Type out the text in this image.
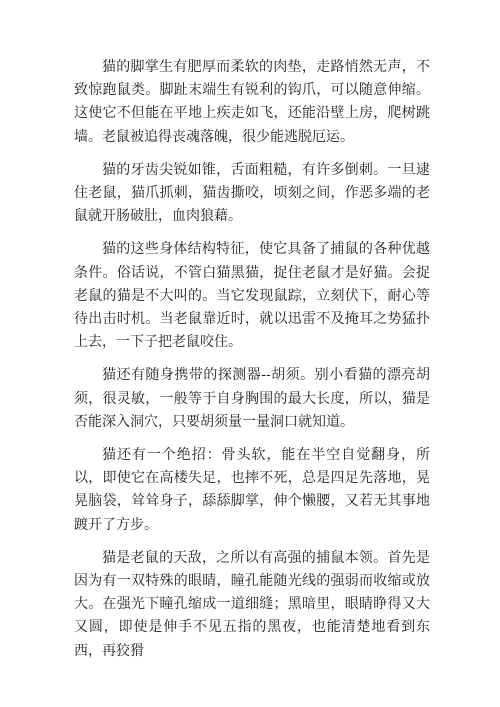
猫的脚掌生有肥厚而柔软的肉垫，走路悄然无声，不致惊跑鼠类。脚趾末端生有锐利的钩爪，可以随意伸缩。这使它不但能在平地上疾走如飞，还能沿壁上房，爬树跳墙。老鼠被追得丧魂落魄，很少能逃脱厄运。

猫的牙齿尖锐如锥，舌面粗糙，有许多倒刺。一旦逮住老鼠，猫爪抓刺，猫齿撕咬，顷刻之间，作恶多端的老鼠就开肠破肚，血肉狼藉。

猫的这些身体结构特征，使它具备了捕鼠的各种优越条件。俗话说，不管白猫黑猫，捉住老鼠才是好猫。会捉老鼠的猫是不大叫的。当它发现鼠踪，立刻伏下，耐心等待出击时机。当老鼠靠近时，就以迅雷不及掩耳之势猛扑上去，一下子把老鼠咬住。

猫还有随身携带的探测器--胡须。别小看猫的漂亮胡须，很灵敏，一般等于自身胸围的最大长度，所以，猫是否能深入洞穴，只要胡须量一量洞口就知道。

猫还有一个绝招：骨头软，能在半空自觉翻身，所以，即使它在高楼失足，也摔不死，总是四足先落地，晃晃脑袋，耸耸身子，舔舔脚掌，伸个懒腰，又若无其事地踱开了方步。

猫是老鼠的天敌，之所以有高强的捕鼠本领。首先是因为有一双特殊的眼睛，瞳孔能随光线的强弱而收缩或放大。在强光下瞳孔缩成一道细缝；黑暗里，眼睛睁得又大又圆，即使是伸手不见五指的黑夜，也能清楚地看到东西，再狡猾
